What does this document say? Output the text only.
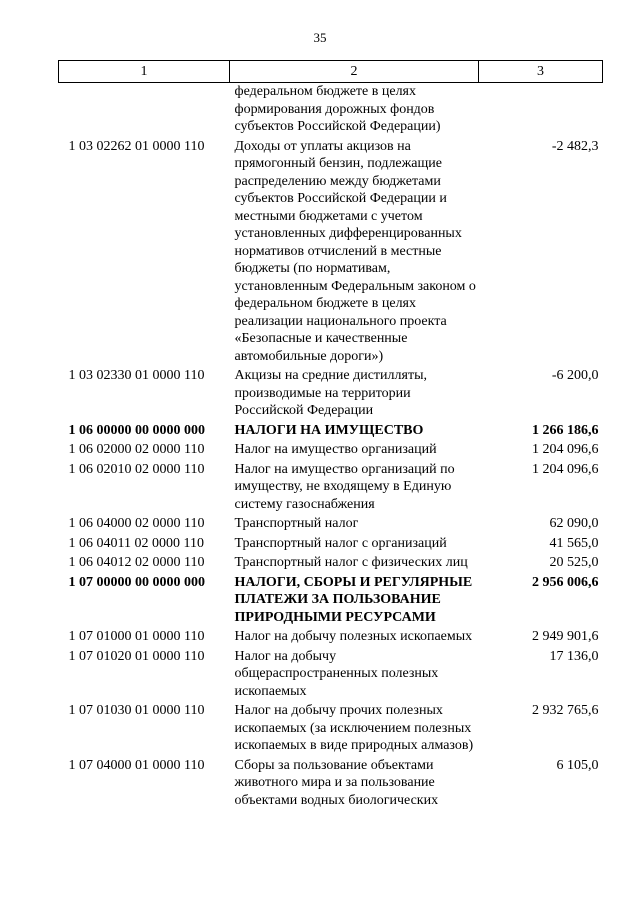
35
1	2	3
	федеральном бюджете в целях формирования дорожных фондов субъектов Российской Федерации)	
1 03 02262 01 0000 110	Доходы от уплаты акцизов на прямогонный бензин, подлежащие распределению между бюджетами субъектов Российской Федерации и местными бюджетами с учетом установленных дифференцированных нормативов отчислений в местные бюджеты (по нормативам, установленным Федеральным законом о федеральном бюджете в целях реализации национального проекта «Безопасные и качественные автомобильные дороги»)	-2 482,3
1 03 02330 01 0000 110	Акцизы на средние дистилляты, производимые на территории Российской Федерации	-6 200,0
1 06 00000 00 0000 000	НАЛОГИ НА ИМУЩЕСТВО	1 266 186,6
1 06 02000 02 0000 110	Налог на имущество организаций	1 204 096,6
1 06 02010 02 0000 110	Налог на имущество организаций по имуществу, не входящему в Единую систему газоснабжения	1 204 096,6
1 06 04000 02 0000 110	Транспортный налог	62 090,0
1 06 04011 02 0000 110	Транспортный налог с организаций	41 565,0
1 06 04012 02 0000 110	Транспортный налог с физических лиц	20 525,0
1 07 00000 00 0000 000	НАЛОГИ, СБОРЫ И РЕГУЛЯРНЫЕ ПЛАТЕЖИ ЗА ПОЛЬЗОВАНИЕ ПРИРОДНЫМИ РЕСУРСАМИ	2 956 006,6
1 07 01000 01 0000 110	Налог на добычу полезных ископаемых	2 949 901,6
1 07 01020 01 0000 110	Налог на добычу общераспространенных полезных ископаемых	17 136,0
1 07 01030 01 0000 110	Налог на добычу прочих полезных ископаемых (за исключением полезных ископаемых в виде природных алмазов)	2 932 765,6
1 07 04000 01 0000 110	Сборы за пользование объектами животного мира и за пользование объектами водных биологических	6 105,0
